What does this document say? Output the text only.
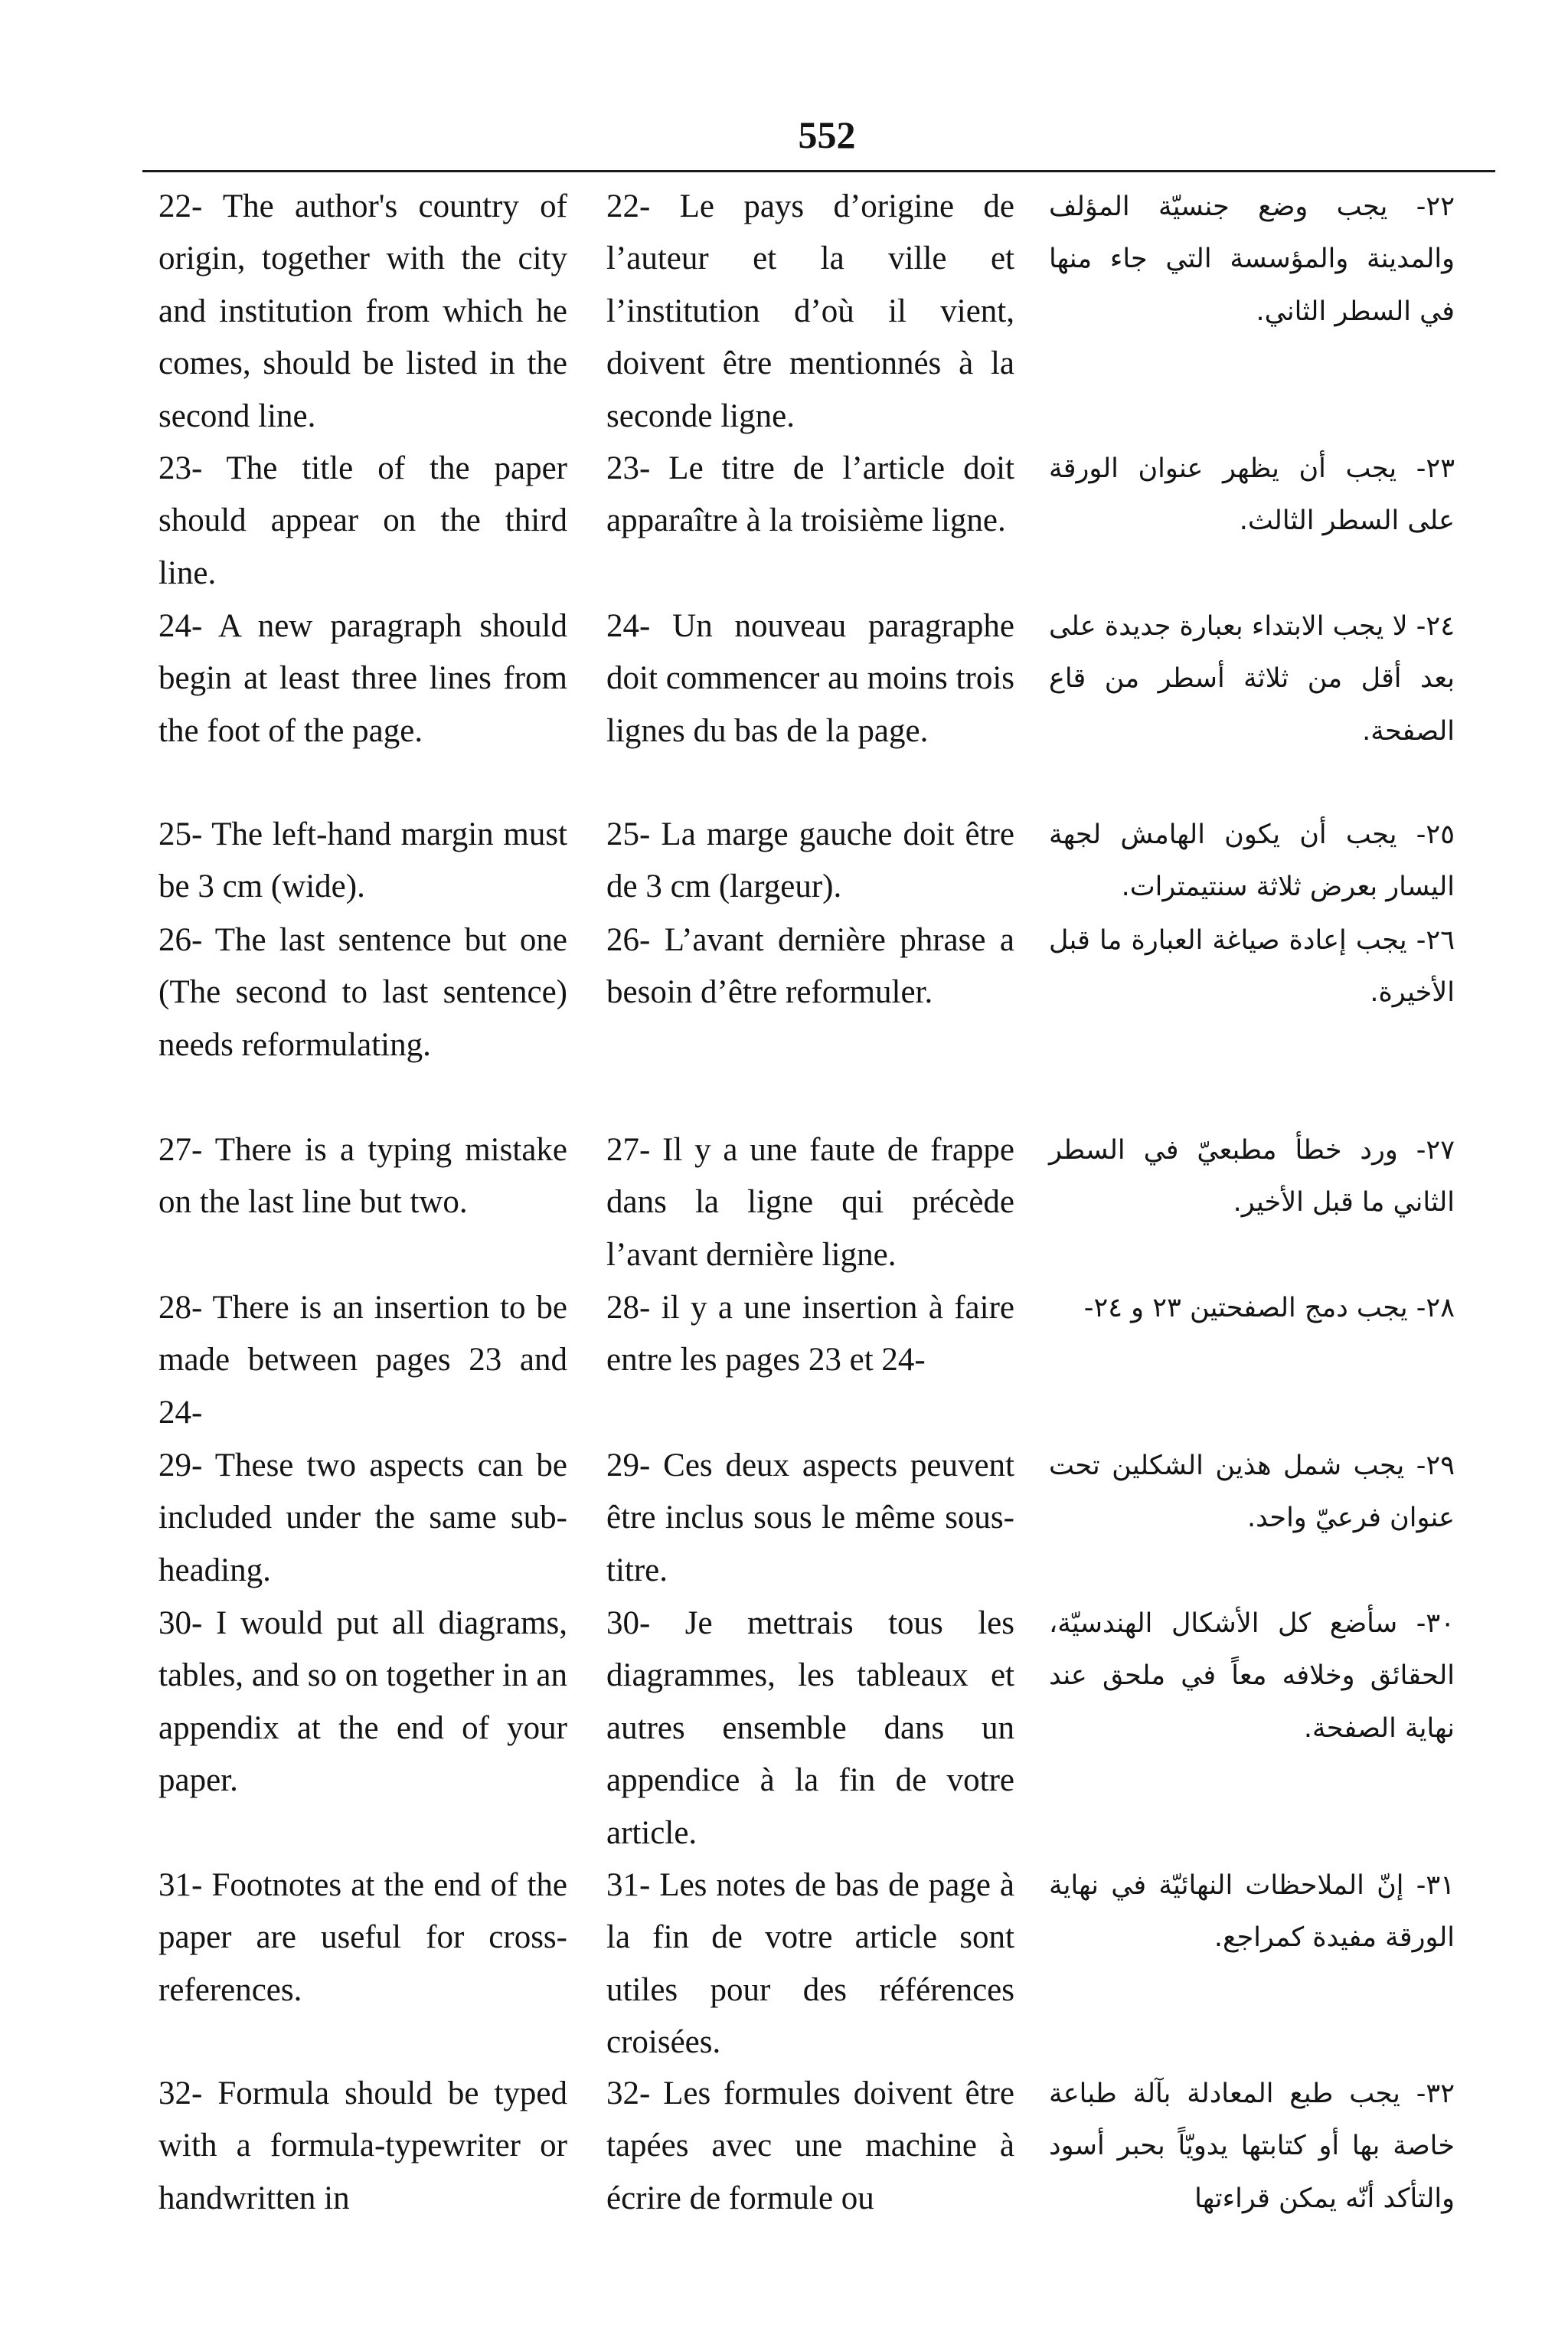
552
22- The author's country of origin, together with the city and institution from which he comes, should be listed in the second line.
22- Le pays d’origine de l’auteur et la ville et l’institution d’où il vient, doivent être mentionnés à la seconde ligne.
٢٢- يجب وضع جنسيّة المؤلف والمدينة والمؤسسة التي جاء منها في السطر الثاني.
23- The title of the paper should appear on the third line.
23- Le titre de l’article doit apparaître à la troisième ligne.
٢٣- يجب أن يظهر عنوان الورقة على السطر الثالث.
24- A new paragraph should begin at least three lines from the foot of the page.
24- Un nouveau paragraphe doit commencer au moins trois lignes du bas de la page.
٢٤- لا يجب الابتداء بعبارة جديدة على بعد أقل من ثلاثة أسطر من قاع الصفحة.
25- The left-hand margin must be 3 cm (wide).
25- La marge gauche doit être de 3 cm (largeur).
٢٥- يجب أن يكون الهامش لجهة اليسار بعرض ثلاثة سنتيمترات.
26- The last sentence but one (The second to last sentence) needs reformulating.
26- L’avant dernière phrase a besoin d’être reformuler.
٢٦- يجب إعادة صياغة العبارة ما قبل الأخيرة.
27- There is a typing mistake on the last line but two.
27- Il y a une faute de frappe dans la ligne qui précède l’avant dernière ligne.
٢٧- ورد خطأ مطبعيّ في السطر الثاني ما قبل الأخير.
28- There is an insertion to be made between pages 23 and 24-
28- il y a une insertion à faire entre les pages 23 et 24-
٢٨- يجب دمج الصفحتين ٢٣ و ٢٤-
29- These two aspects can be included under the same sub-heading.
29- Ces deux aspects peuvent être inclus sous le même sous-titre.
٢٩- يجب شمل هذين الشكلين تحت عنوان فرعيّ واحد.
30- I would put all diagrams, tables, and so on together in an appendix at the end of your paper.
30- Je mettrais tous les diagrammes, les tableaux et autres ensemble dans un appendice à la fin de votre article.
٣٠- سأضع كل الأشكال الهندسيّة، الحقائق وخلافه معاً في ملحق عند نهاية الصفحة.
31- Footnotes at the end of the paper are useful for cross-references.
31- Les notes de bas de page à la fin de votre article sont utiles pour des références croisées.
٣١- إنّ الملاحظات النهائيّة في نهاية الورقة مفيدة كمراجع.
32- Formula should be typed with a formula-typewriter or handwritten in
32- Les formules doivent être tapées avec une machine à écrire de formule ou
٣٢- يجب طبع المعادلة بآلة طباعة خاصة بها أو كتابتها يدويّاً بحبر أسود والتأكد أنّه يمكن قراءتها
